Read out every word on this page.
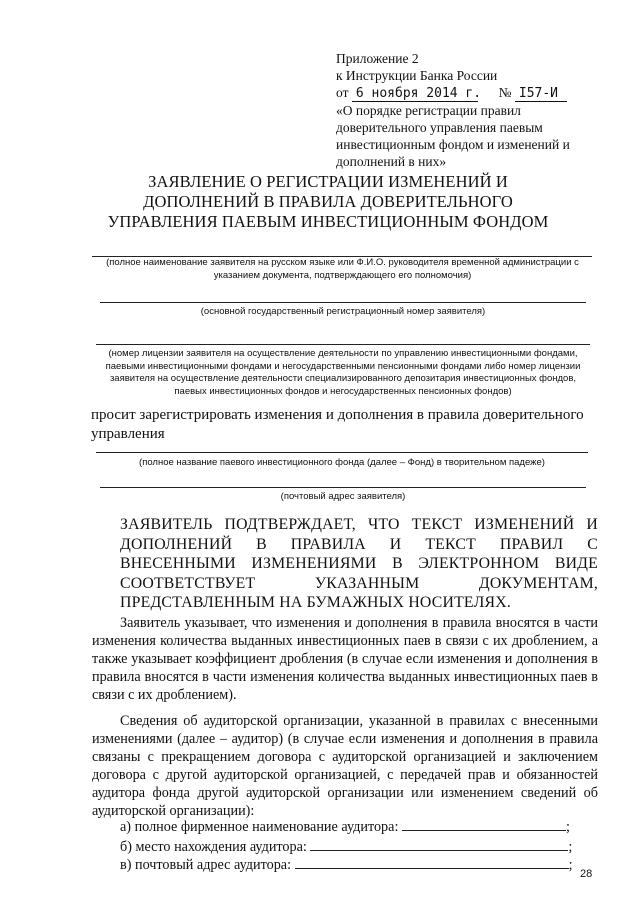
Приложение 2
к Инструкции Банка России
от 6 ноября 2014 г. № I57-И
«О порядке регистрации правил доверительного управления паевым инвестиционным фондом и изменений и дополнений в них»
ЗАЯВЛЕНИЕ О РЕГИСТРАЦИИ ИЗМЕНЕНИЙ И ДОПОЛНЕНИЙ В ПРАВИЛА ДОВЕРИТЕЛЬНОГО УПРАВЛЕНИЯ ПАЕВЫМ ИНВЕСТИЦИОННЫМ ФОНДОМ
(полное наименование заявителя на русском языке или Ф.И.О. руководителя временной администрации с указанием документа, подтверждающего его полномочия)
(основной государственный регистрационный номер заявителя)
(номер лицензии заявителя на осуществление деятельности по управлению инвестиционными фондами, паевыми инвестиционными фондами и негосударственными пенсионными фондами либо номер лицензии заявителя на осуществление деятельности специализированного депозитария инвестиционных фондов, паевых инвестиционных фондов и негосударственных пенсионных фондов)
просит зарегистрировать изменения и дополнения в правила доверительного управления
(полное название паевого инвестиционного фонда (далее – Фонд) в творительном падеже)
(почтовый адрес заявителя)
ЗАЯВИТЕЛЬ ПОДТВЕРЖДАЕТ, ЧТО ТЕКСТ ИЗМЕНЕНИЙ И ДОПОЛНЕНИЙ В ПРАВИЛА И ТЕКСТ ПРАВИЛ С ВНЕСЕННЫМИ ИЗМЕНЕНИЯМИ В ЭЛЕКТРОННОМ ВИДЕ СООТВЕТСТВУЕТ УКАЗАННЫМ ДОКУМЕНТАМ, ПРЕДСТАВЛЕННЫМ НА БУМАЖНЫХ НОСИТЕЛЯХ.
Заявитель указывает, что изменения и дополнения в правила вносятся в части изменения количества выданных инвестиционных паев в связи с их дроблением, а также указывает коэффициент дробления (в случае если изменения и дополнения в правила вносятся в части изменения количества выданных инвестиционных паев в связи с их дроблением).
Сведения об аудиторской организации, указанной в правилах с внесенными изменениями (далее – аудитор) (в случае если изменения и дополнения в правила связаны с прекращением договора с аудиторской организацией и заключением договора с другой аудиторской организацией, с передачей прав и обязанностей аудитора фонда другой аудиторской организации или изменением сведений об аудиторской организации):
а) полное фирменное наименование аудитора:	;
б) место нахождения аудитора:	;
в) почтовый адрес аудитора:	;
28
